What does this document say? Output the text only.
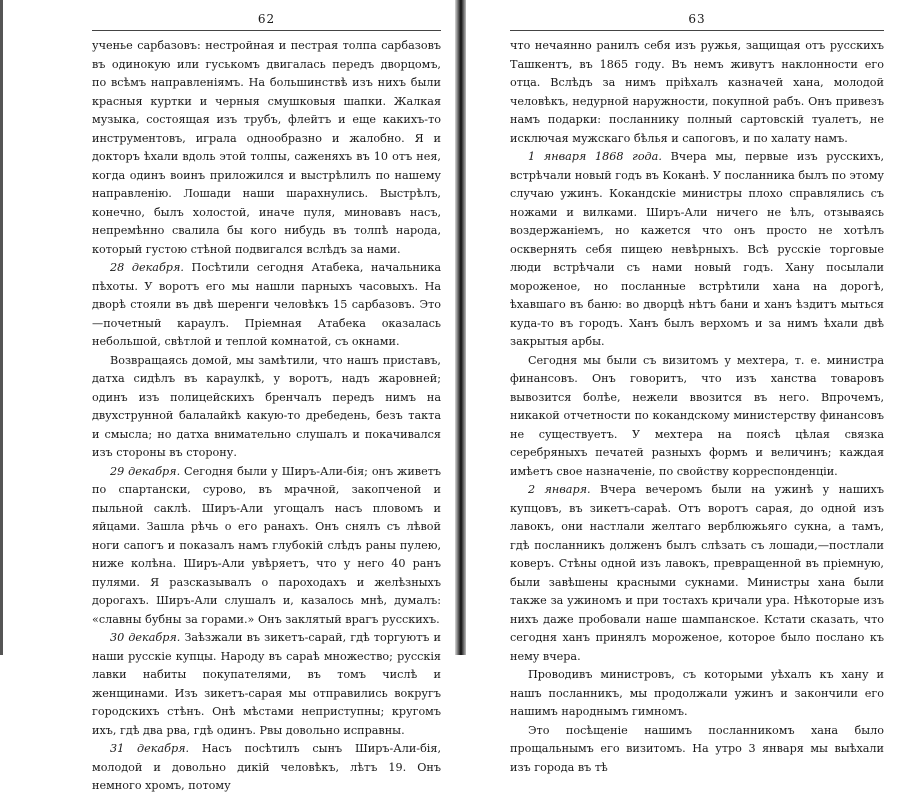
62

ученье сарбазовъ: нестройная и пестрая толпа сарбазовъ въ одинокую или гуськомъ двигалась передъ дворцомъ, по всѣмъ направленіямъ. На большинствѣ изъ нихъ были красныя куртки и черныя смушковыя шапки. Жалкая музыка, состоящая изъ трубъ, флейтъ и еще какихъ-то инструментовъ, играла однообразно и жалобно. Я и докторъ ѣхали вдоль этой толпы, саженяхъ въ 10 отъ нея, когда одинъ воинъ приложился и выстрѣлилъ по нашему направленію. Лошади наши шарахнулись. Выстрѣлъ, конечно, былъ холостой, иначе пуля, миновавъ насъ, непремѣнно свалила бы кого нибудь въ толпѣ народа, который густою стѣной подвигался вслѣдъ за нами.

28 декабря. Посѣтили сегодня Атабека, начальника пѣхоты. У воротъ его мы нашли парныхъ часовыхъ. На дворѣ стояли въ двѣ шеренги человѣкъ 15 сарбазовъ. Это—почетный караулъ. Пріемная Атабека оказалась небольшой, свѣтлой и теплой комнатой, съ окнами.

Возвращаясь домой, мы замѣтили, что нашъ приставъ, датха сидѣлъ въ караулкѣ, у воротъ, надъ жаровней; одинъ изъ полицейскихъ бренчалъ передъ нимъ на двухструнной балалайкѣ какую-то дребедень, безъ такта и смысла; но датха внимательно слушалъ и покачивался изъ стороны въ сторону.

29 декабря. Сегодня были у Ширъ-Али-бія; онъ живетъ по спартански, сурово, въ мрачной, закопченой и пыльной саклѣ. Ширъ-Али угощалъ насъ пловомъ и яйцами. Зашла рѣчь о его ранахъ. Онъ снялъ съ лѣвой ноги сапогъ и показалъ намъ глубокій слѣдъ раны пулею, ниже колѣна. Ширъ-Али увѣряетъ, что у него 40 ранъ пулями. Я разсказывалъ о пароходахъ и желѣзныхъ дорогахъ. Ширъ-Али слушалъ и, казалось мнѣ, думалъ: «славны бубны за горами.» Онъ заклятый врагъ русскихъ.

30 декабря. Заѣзжали въ зикетъ-сарай, гдѣ торгуютъ и наши русскіе купцы. Народу въ сараѣ множество; русскія лавки набиты покупателями, въ томъ числѣ и женщинами. Изъ зикетъ-сарая мы отправились вокругъ городскихъ стѣнъ. Онѣ мѣстами неприступны; кругомъ ихъ, гдѣ два рва, гдѣ одинъ. Рвы довольно исправны.

31 декабря. Насъ посѣтилъ сынъ Ширъ-Али-бія, молодой и довольно дикій человѣкъ, лѣтъ 19. Онъ немного хромъ, потому

63

что нечаянно ранилъ себя изъ ружья, защищая отъ русскихъ Ташкентъ, въ 1865 году. Въ немъ живутъ наклонности его отца. Вслѣдъ за нимъ пріѣхалъ казначей хана, молодой человѣкъ, недурной наружности, покупной рабъ. Онъ привезъ намъ подарки: посланнику полный сартовскій туалетъ, не исключая мужскаго бѣлья и сапоговъ, и по халату намъ.

1 января 1868 года. Вчера мы, первые изъ русскихъ, встрѣчали новый годъ въ Коканѣ. У посланника былъ по этому случаю ужинъ. Кокандскіе министры плохо справлялись съ ножами и вилками. Ширъ-Али ничего не ѣлъ, отзываясь воздержаніемъ, но кажется что онъ просто не хотѣлъ осквернять себя пищею невѣрныхъ. Всѣ русскіе торговые люди встрѣчали съ нами новый годъ. Хану посылали мороженое, но посланные встрѣтили хана на дорогѣ, ѣхавшаго въ баню: во дворцѣ нѣтъ бани и ханъ ѣздитъ мыться куда-то въ городъ. Ханъ былъ верхомъ и за нимъ ѣхали двѣ закрытыя арбы.

Сегодня мы были съ визитомъ у мехтера, т. е. министра финансовъ. Онъ говоритъ, что изъ ханства товаровъ вывозится болѣе, нежели ввозится въ него. Впрочемъ, никакой отчетности по кокандскому министерству финансовъ не существуетъ. У мехтера на поясѣ цѣлая связка серебряныхъ печатей разныхъ формъ и величинъ; каждая имѣетъ свое назначеніе, по свойству корреспонденціи.

2 января. Вчера вечеромъ были на ужинѣ у нашихъ купцовъ, въ зикетъ-сараѣ. Отъ воротъ сарая, до одной изъ лавокъ, они настлали желтаго верблюжьяго сукна, а тамъ, гдѣ посланникъ долженъ былъ слѣзать съ лошади,—постлали коверъ. Стѣны одной изъ лавокъ, превращенной въ пріемную, были завѣшены красными сукнами. Министры хана были также за ужиномъ и при тостахъ кричали ура. Нѣкоторые изъ нихъ даже пробовали наше шампанское. Кстати сказать, что сегодня ханъ принялъ мороженое, которое было послано къ нему вчера.

Проводивъ министровъ, съ которыми уѣхалъ къ хану и нашъ посланникъ, мы продолжали ужинъ и закончили его нашимъ народнымъ гимномъ.

Это посѣщеніе нашимъ посланникомъ хана было прощальнымъ его визитомъ. На утро 3 января мы выѣхали изъ города въ тѣ
